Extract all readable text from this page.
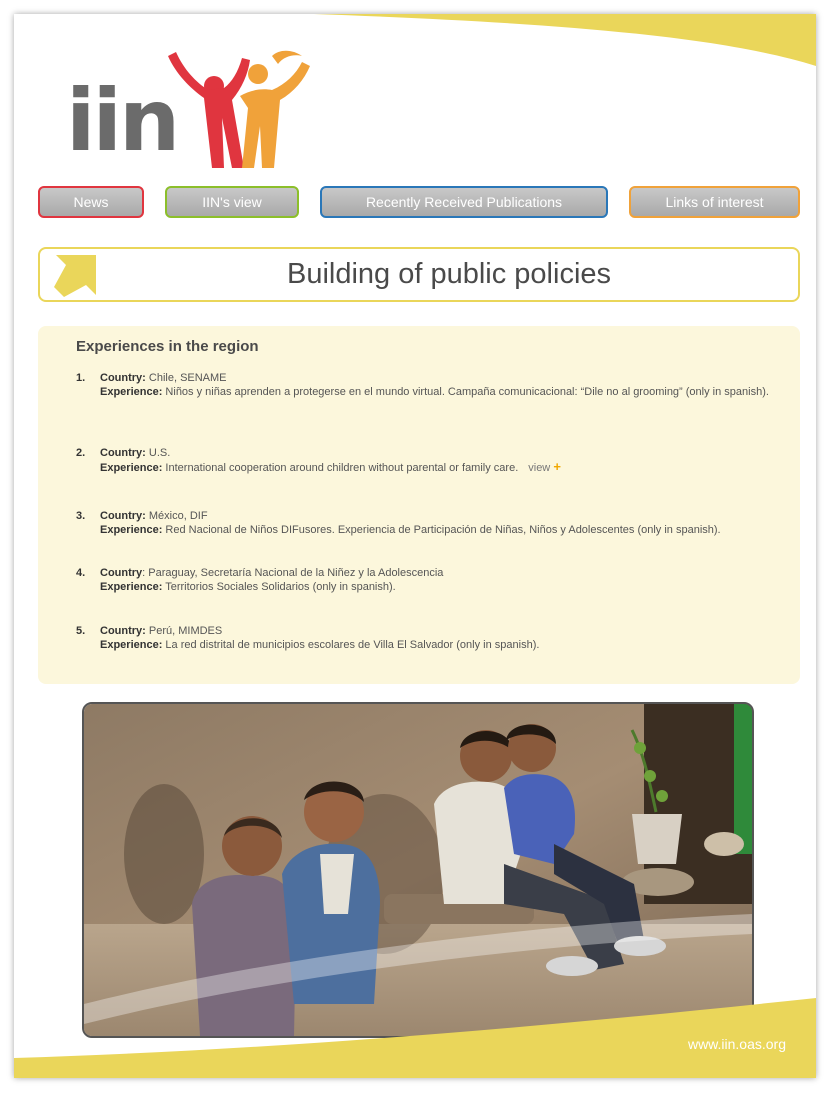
iin
News	IIN's view	Recently Received Publications	Links of interest
Building of public policies
Experiences in the region
1. Country: Chile, SENAME
Experience: Niños y niñas aprenden a protegerse en el mundo virtual. Campaña comunicacional: “Dile no al grooming” (only in spanish).
2. Country: U.S.
Experience: International cooperation around children without parental or family care. view +
3. Country: México, DIF
Experience: Red Nacional de Niños DIFusores. Experiencia de Participación de Niñas, Niños y Adolescentes (only in spanish).
4. Country: Paraguay, Secretaría Nacional de la Niñez y la Adolescencia
Experience: Territorios Sociales Solidarios (only in spanish).
5. Country: Perú, MIMDES
Experience: La red distrital de municipios escolares de Villa El Salvador (only in spanish).
www.iin.oas.org
